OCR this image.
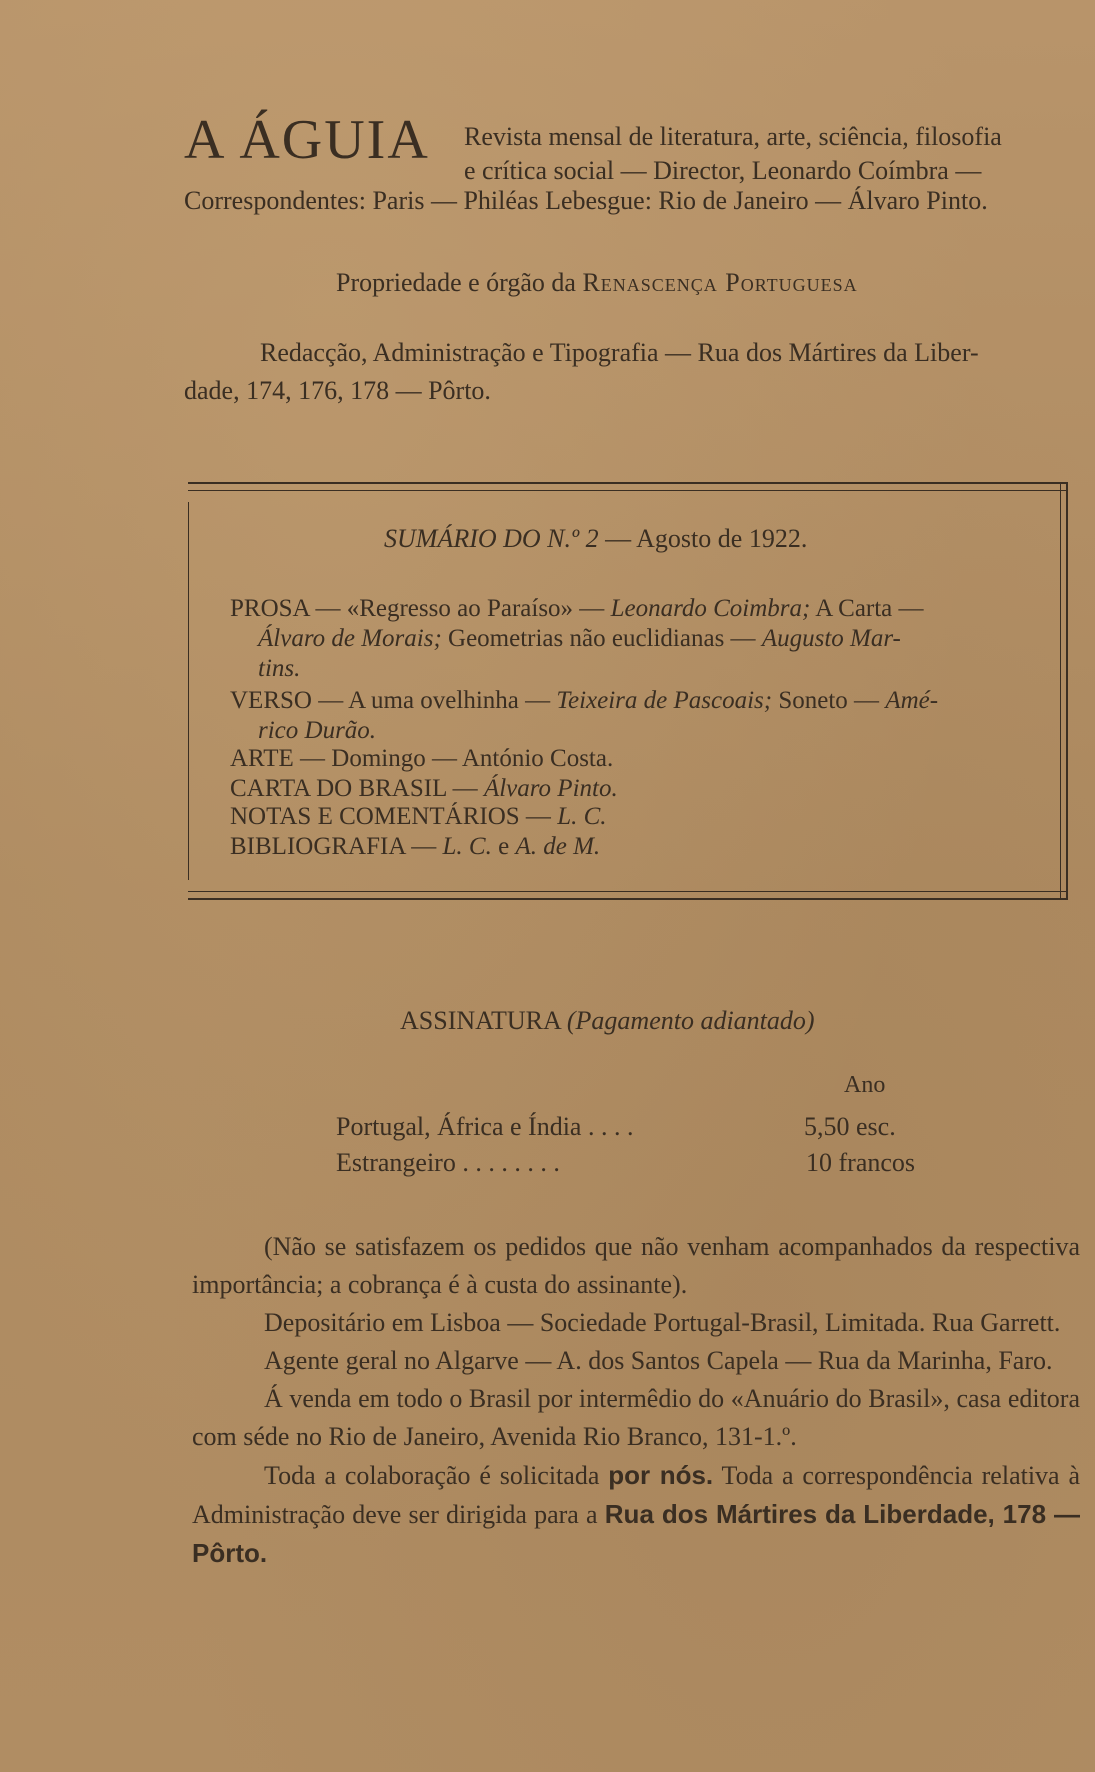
A ÁGUIA Revista mensal de literatura, arte, sciência, filosofia
e crítica social — Director, Leonardo Coímbra —
Correspondentes: Paris — Philéas Lebesgue: Rio de Janeiro — Álvaro Pinto.
Propriedade e órgão da Renascença Portuguesa
Redacção, Administração e Tipografia — Rua dos Mártires da Liber-
dade, 174, 176, 178 — Pôrto.
SUMÁRIO DO N.º 2 — Agosto de 1922.
PROSA — «Regresso ao Paraíso» — Leonardo Coimbra; A Carta —
Álvaro de Morais; Geometrias não euclidianas — Augusto Mar-
tins.
VERSO — A uma ovelhinha — Teixeira de Pascoais; Soneto — Amé-
rico Durão.
ARTE — Domingo — António Costa.
CARTA DO BRASIL — Álvaro Pinto.
NOTAS E COMENTÁRIOS — L. C.
BIBLIOGRAFIA — L. C. e A. de M.
ASSINATURA (Pagamento adiantado)
Ano
Portugal, África e Índia . . . .	5,50 esc.
Estrangeiro . . . . . . . .	10 francos
(Não se satisfazem os pedidos que não venham acompanhados da respectiva importância; a cobrança é à custa do assinante).
Depositário em Lisboa — Sociedade Portugal-Brasil, Limitada. Rua Garrett.
Agente geral no Algarve — A. dos Santos Capela — Rua da Marinha, Faro.
Á venda em todo o Brasil por intermêdio do «Anuário do Brasil», casa editora com séde no Rio de Janeiro, Avenida Rio Branco, 131-1.º.
Toda a colaboração é solicitada por nós. Toda a correspondência relativa à Administração deve ser dirigida para a Rua dos Mártires da Liberdade, 178 — Pôrto.
